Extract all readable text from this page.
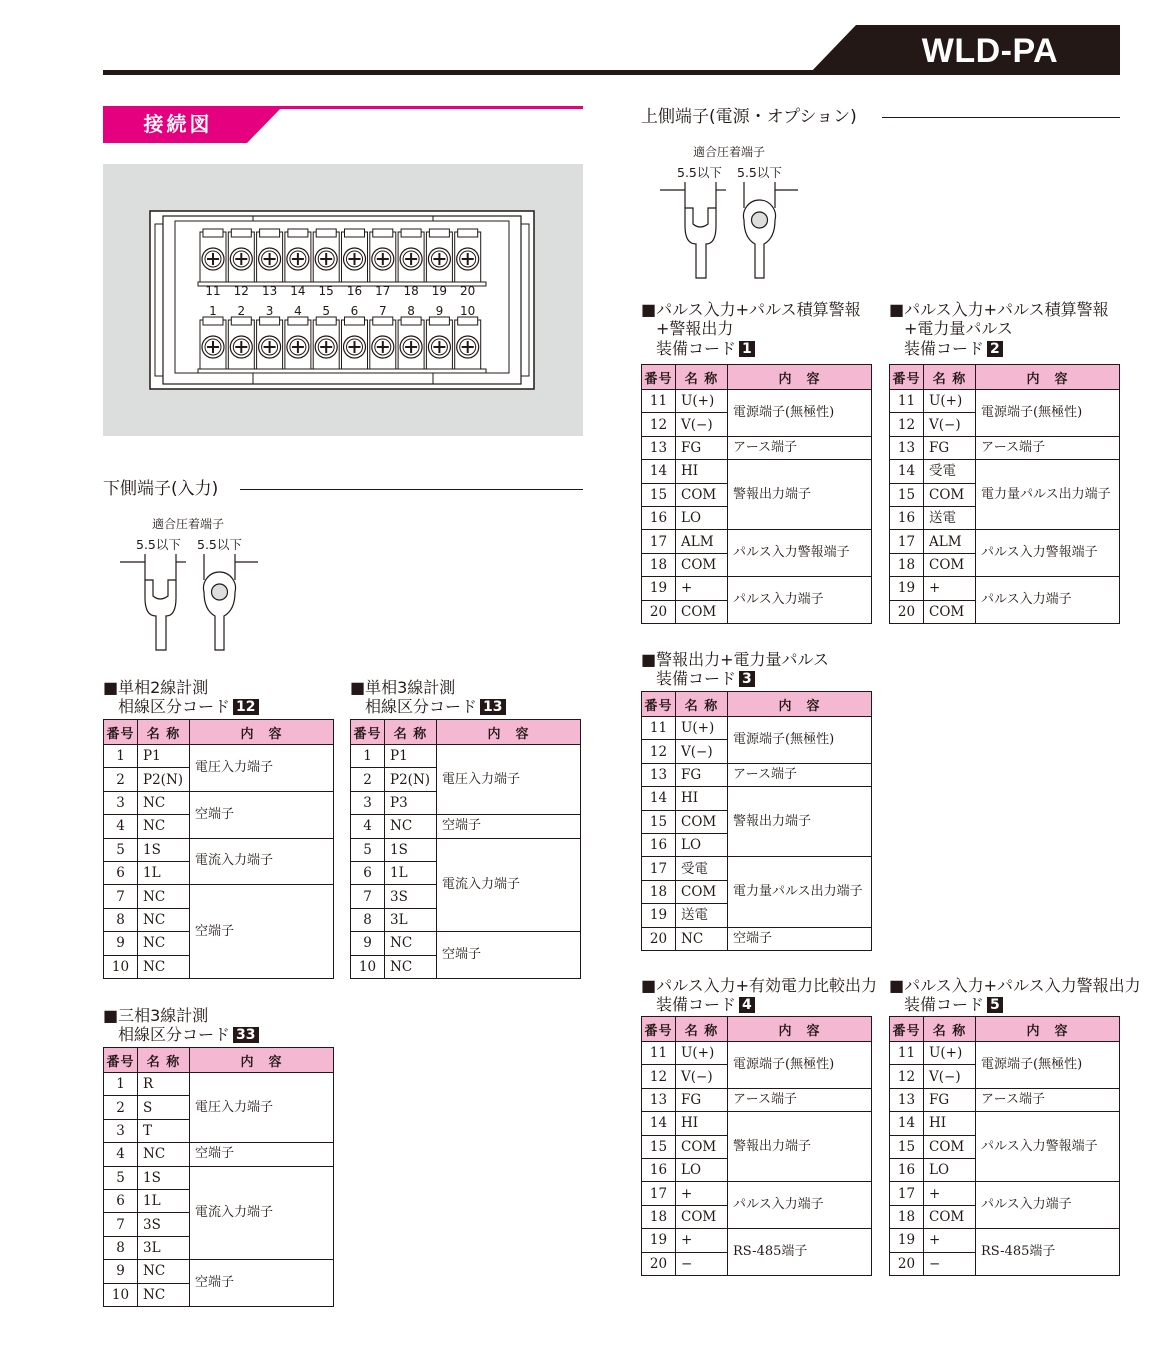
WLD-PA
接続図
11 12 13 14 15 16 17 18 19 20
1 2 3 4 5 6 7 8 9 10
下側端子(入力)
適合圧着端子
5.5以下 5.5以下
■単相2線計測
相線区分コード 12
番号	名 称	内　容
1	P1	電圧入力端子
2	P2(N)	
3	NC	空端子
4	NC	
5	1S	電流入力端子
6	1L	
7	NC	空端子
8	NC	
9	NC	
10	NC	
■単相3線計測
相線区分コード 13
番号	名 称	内　容
1	P1	電圧入力端子
2	P2(N)	
3	P3	
4	NC	空端子
5	1S	電流入力端子
6	1L	
7	3S	
8	3L	
9	NC	空端子
10	NC	
■三相3線計測
相線区分コード 33
番号	名 称	内　容
1	R	電圧入力端子
2	S	
3	T	
4	NC	空端子
5	1S	電流入力端子
6	1L	
7	3S	
8	3L	
9	NC	空端子
10	NC	
上側端子(電源・オプション)
適合圧着端子
5.5以下 5.5以下
■パルス入力+パルス積算警報
+警報出力
装備コード 1
番号	名 称	内　容
11	U(+)	電源端子(無極性)
12	V(−)	
13	FG	アース端子
14	HI	警報出力端子
15	COM	
16	LO	
17	ALM	パルス入力警報端子
18	COM	
19	+	パルス入力端子
20	COM	
■パルス入力+パルス積算警報
+電力量パルス
装備コード 2
番号	名 称	内　容
11	U(+)	電源端子(無極性)
12	V(−)	
13	FG	アース端子
14	受電	電力量パルス出力端子
15	COM	
16	送電	
17	ALM	パルス入力警報端子
18	COM	
19	+	パルス入力端子
20	COM	
■警報出力+電力量パルス
装備コード 3
番号	名 称	内　容
11	U(+)	電源端子(無極性)
12	V(−)	
13	FG	アース端子
14	HI	警報出力端子
15	COM	
16	LO	
17	受電	電力量パルス出力端子
18	COM	
19	送電	
20	NC	空端子
■パルス入力+有効電力比較出力
装備コード 4
番号	名 称	内　容
11	U(+)	電源端子(無極性)
12	V(−)	
13	FG	アース端子
14	HI	警報出力端子
15	COM	
16	LO	
17	+	パルス入力端子
18	COM	
19	+	RS-485端子
20	−	
■パルス入力+パルス入力警報出力
装備コード 5
番号	名 称	内　容
11	U(+)	電源端子(無極性)
12	V(−)	
13	FG	アース端子
14	HI	パルス入力警報端子
15	COM	
16	LO	
17	+	パルス入力端子
18	COM	
19	+	RS-485端子
20	−	
